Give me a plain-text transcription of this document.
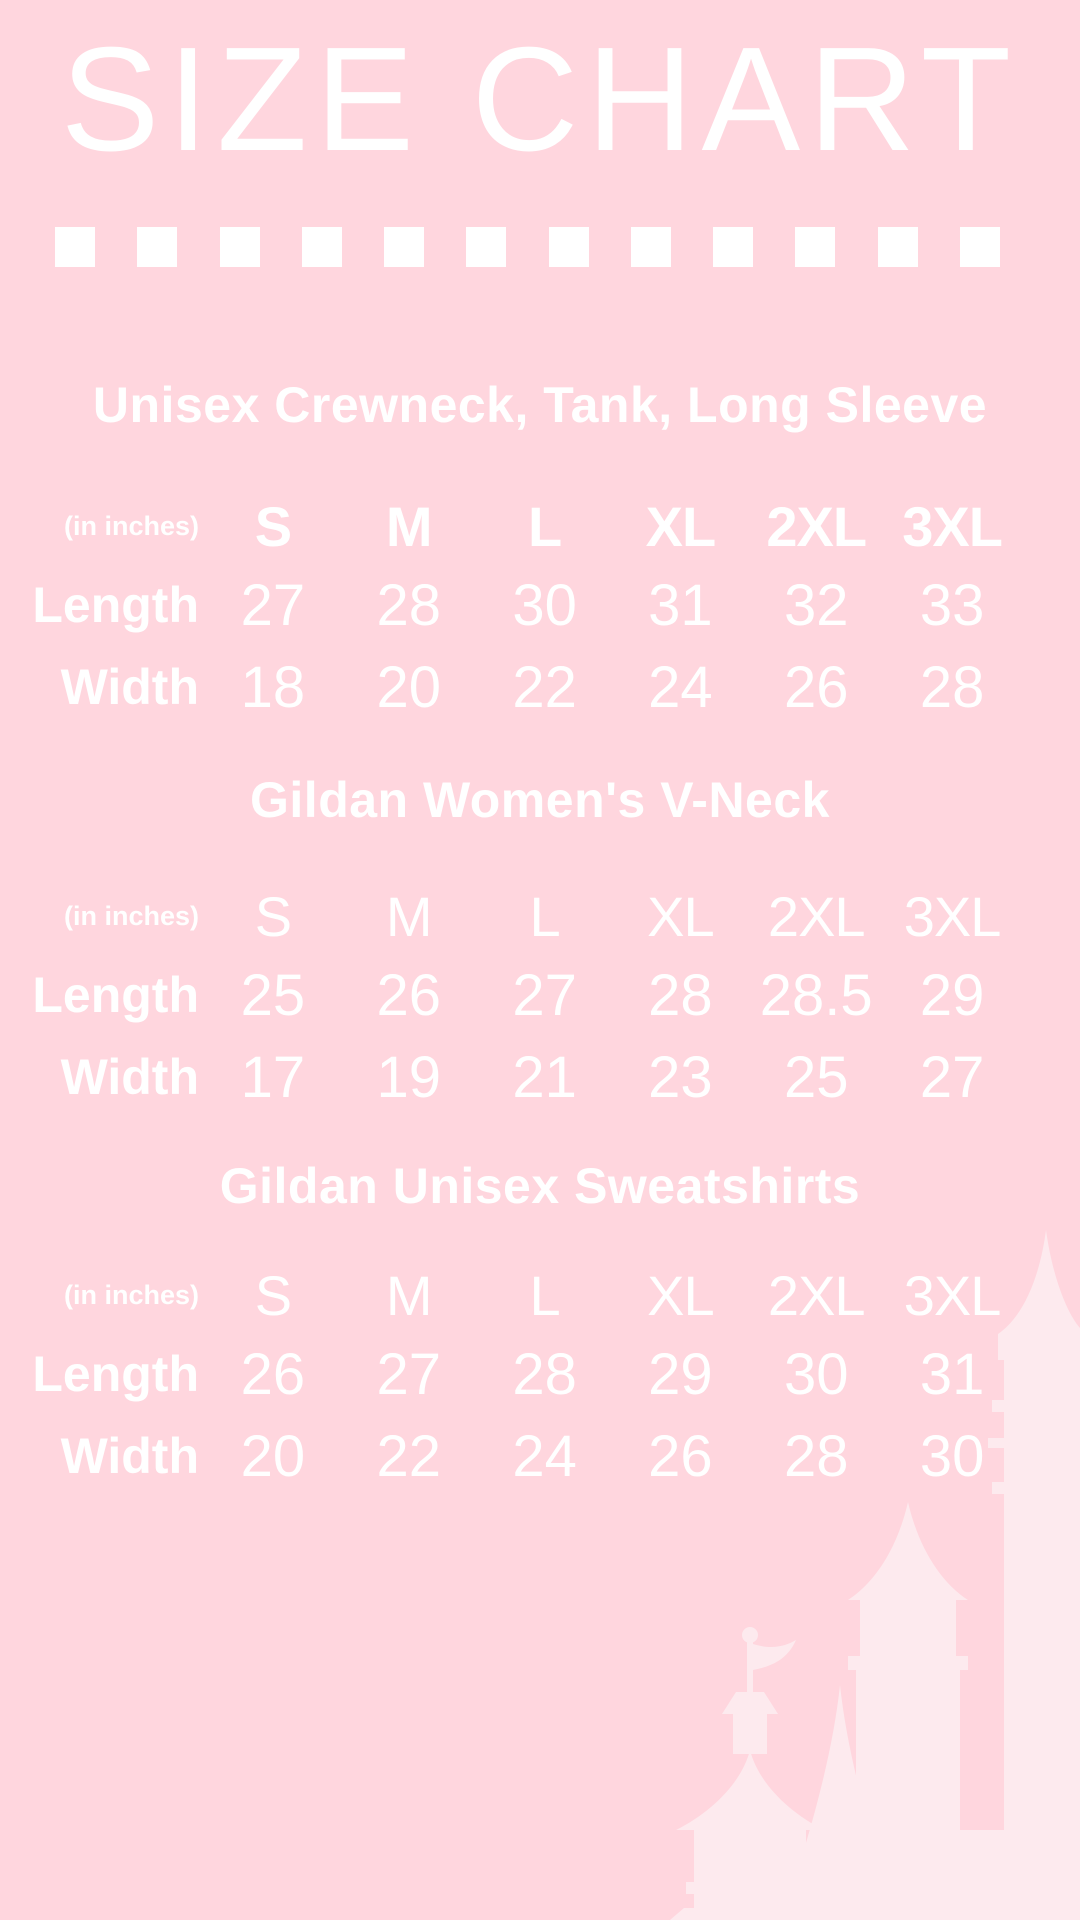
SIZE CHART
Unisex Crewneck, Tank, Long Sleeve
(in inches) S	M	L	XL 2XL 3XL
Length 27	28	30	31	32	33
Width 18	20	22	24	26	28
Gildan Women's V-Neck
(in inches) S	M	L	XL 2XL 3XL
Length 25	26	27	28 28.5 29
Width 17	19	21	23	25	27
Gildan Unisex Sweatshirts
(in inches) S	M	L	XL 2XL 3XL
Length 26	27	28	29	30	31
Width 20	22	24	26	28	30
